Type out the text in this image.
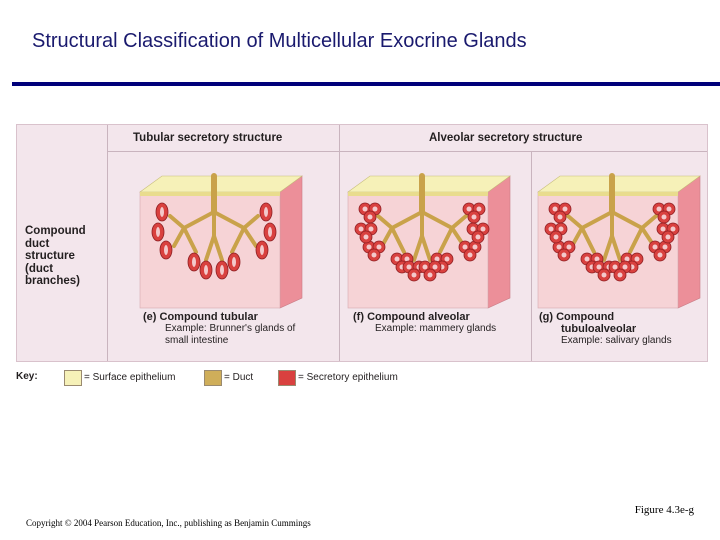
Structural Classification of Multicellular Exocrine Glands
Tubular secretory structure	Alveolar secretory structure
Compound
duct
structure
(duct
branches)
(e) Compound tubular
Example: Brunner's glands of
small intestine
(f) Compound alveolar
Example: mammery glands
(g) Compound
tubuloalveolar
Example: salivary glands
Key:	= Surface epithelium	= Duct	= Secretory epithelium
Figure 4.3e-g
Copyright © 2004 Pearson Education, Inc., publishing as Benjamin Cummings
